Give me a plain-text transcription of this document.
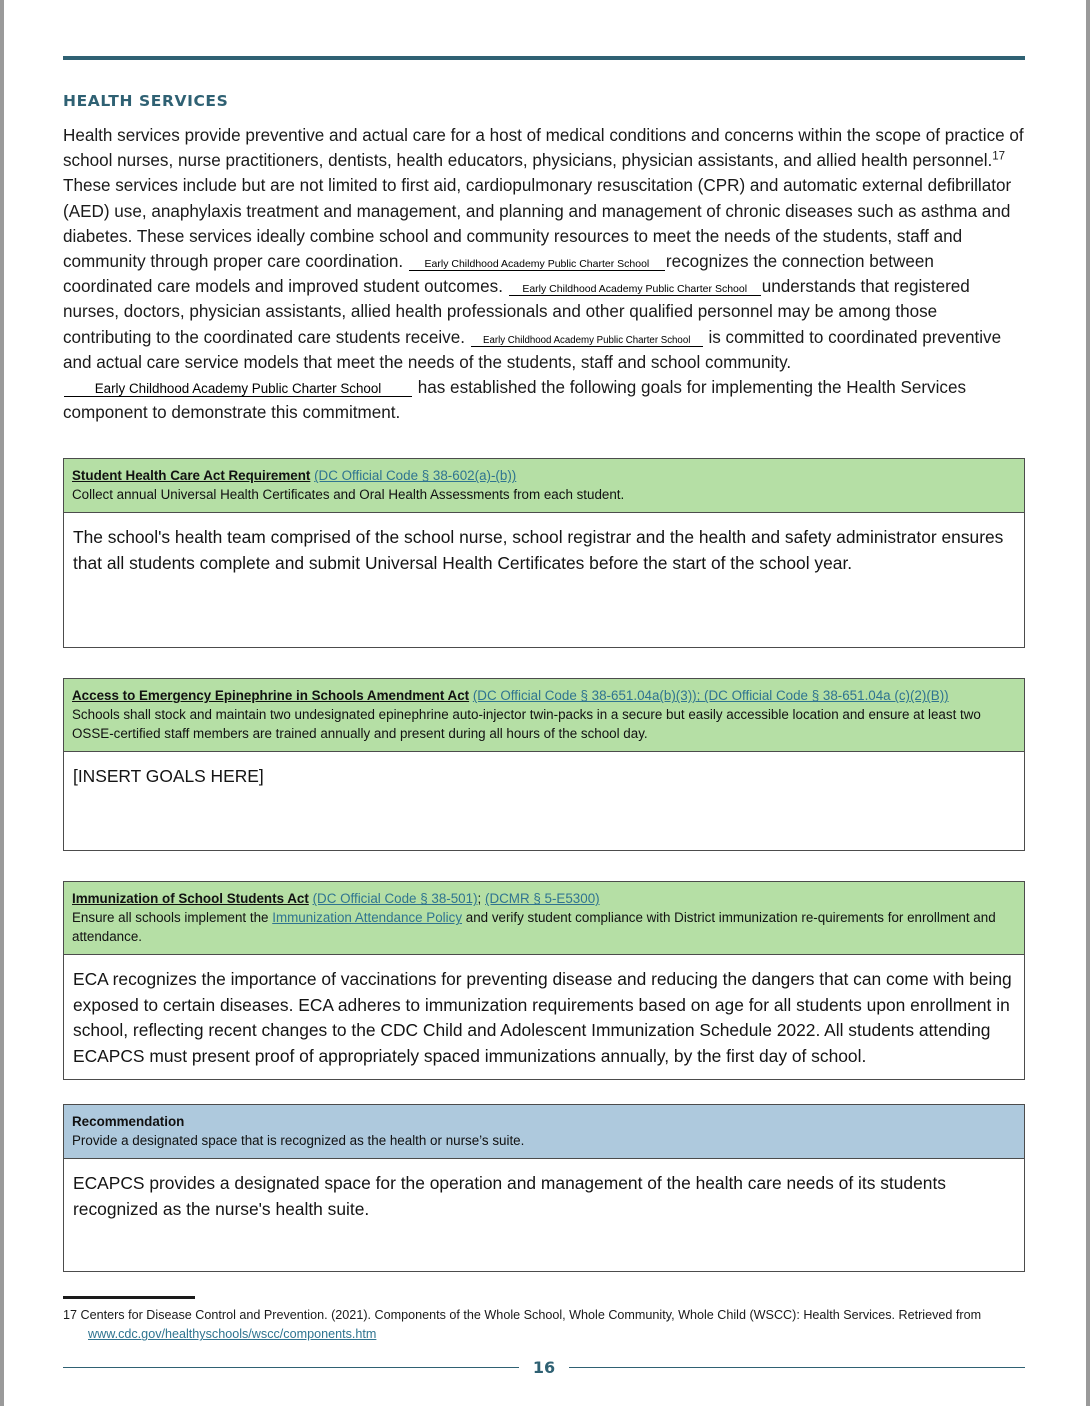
HEALTH SERVICES
Health services provide preventive and actual care for a host of medical conditions and concerns within the scope of practice of school nurses, nurse practitioners, dentists, health educators, physicians, physician assistants, and allied health personnel.$^{17}$ These services include but are not limited to first aid, cardiopulmonary resuscitation (CPR) and automatic external defibrillator (AED) use, anaphylaxis treatment and management, and planning and management of chronic diseases such as asthma and diabetes. These services ideally combine school and community resources to meet the needs of the students, staff and community through proper care coordination. Early Childhood Academy Public Charter School recognizes the connection between coordinated care models and improved student outcomes. Early Childhood Academy Public Charter School understands that registered nurses, doctors, physician assistants, allied health professionals and other qualified personnel may be among those contributing to the coordinated care students receive. Early Childhood Academy Public Charter School is committed to coordinated preventive and actual care service models that meet the needs of the students, staff and school community. Early Childhood Academy Public Charter School has established the following goals for implementing the Health Services component to demonstrate this commitment.
Student Health Care Act Requirement (DC Official Code § 38-602(a)-(b))
Collect annual Universal Health Certificates and Oral Health Assessments from each student.
The school's health team comprised of the school nurse, school registrar and the health and safety administrator ensures that all students complete and submit Universal Health Certificates before the start of the school year.
Access to Emergency Epinephrine in Schools Amendment Act (DC Official Code § 38-651.04a(b)(3)); (DC Official Code § 38-651.04a (c)(2)(B))
Schools shall stock and maintain two undesignated epinephrine auto-injector twin-packs in a secure but easily accessible location and ensure at least two OSSE-certified staff members are trained annually and present during all hours of the school day.
[INSERT GOALS HERE]
Immunization of School Students Act (DC Official Code § 38-501); (DCMR § 5-E5300)
Ensure all schools implement the Immunization Attendance Policy and verify student compliance with District immunization re-quirements for enrollment and attendance.
ECA recognizes the importance of vaccinations for preventing disease and reducing the dangers that can come with being exposed to certain diseases. ECA adheres to immunization requirements based on age for all students upon enrollment in school, reflecting recent changes to the CDC Child and Adolescent Immunization Schedule 2022. All students attending ECAPCS must present proof of appropriately spaced immunizations annually, by the first day of school.
Recommendation
Provide a designated space that is recognized as the health or nurse’s suite.
ECAPCS provides a designated space for the operation and management of the health care needs of its students recognized as the nurse's health suite.
17 Centers for Disease Control and Prevention. (2021). Components of the Whole School, Whole Community, Whole Child (WSCC): Health Services. Retrieved from
www.cdc.gov/healthyschools/wscc/components.htm
16
